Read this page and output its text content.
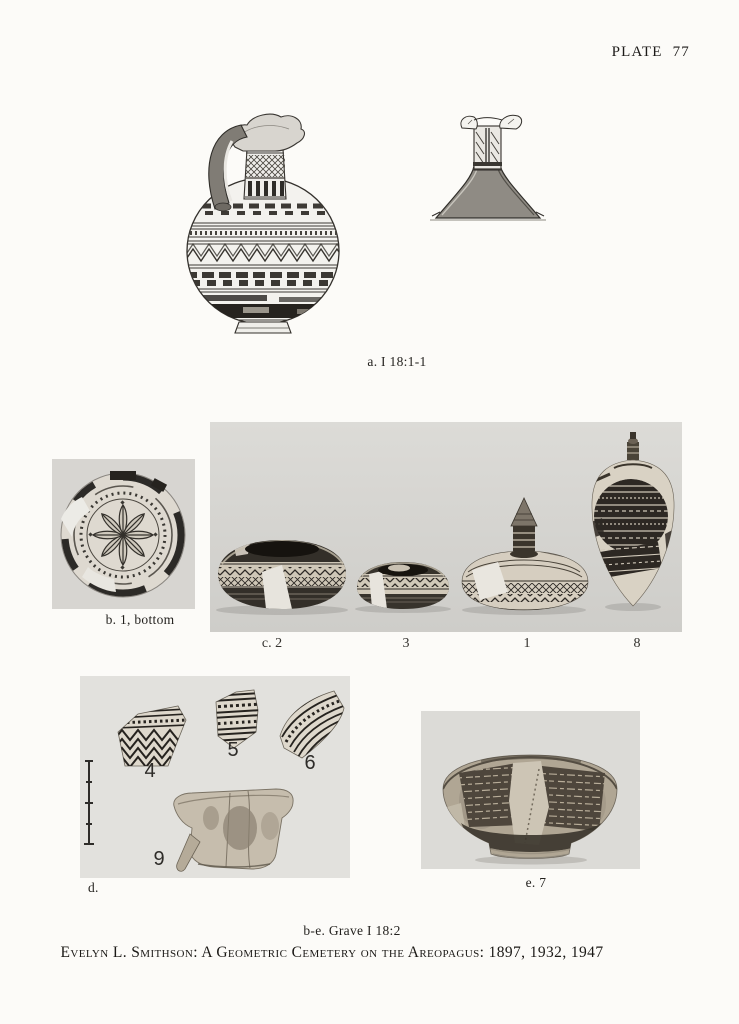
PLATE 77
a. I 18:1-1
b. 1, bottom
c. 2	3	1	8
4
5
6
9
d.	e. 7
b-e. Grave I 18:2
Evelyn L. Smithson: A Geometric Cemetery on the Areopagus: 1897, 1932, 1947
